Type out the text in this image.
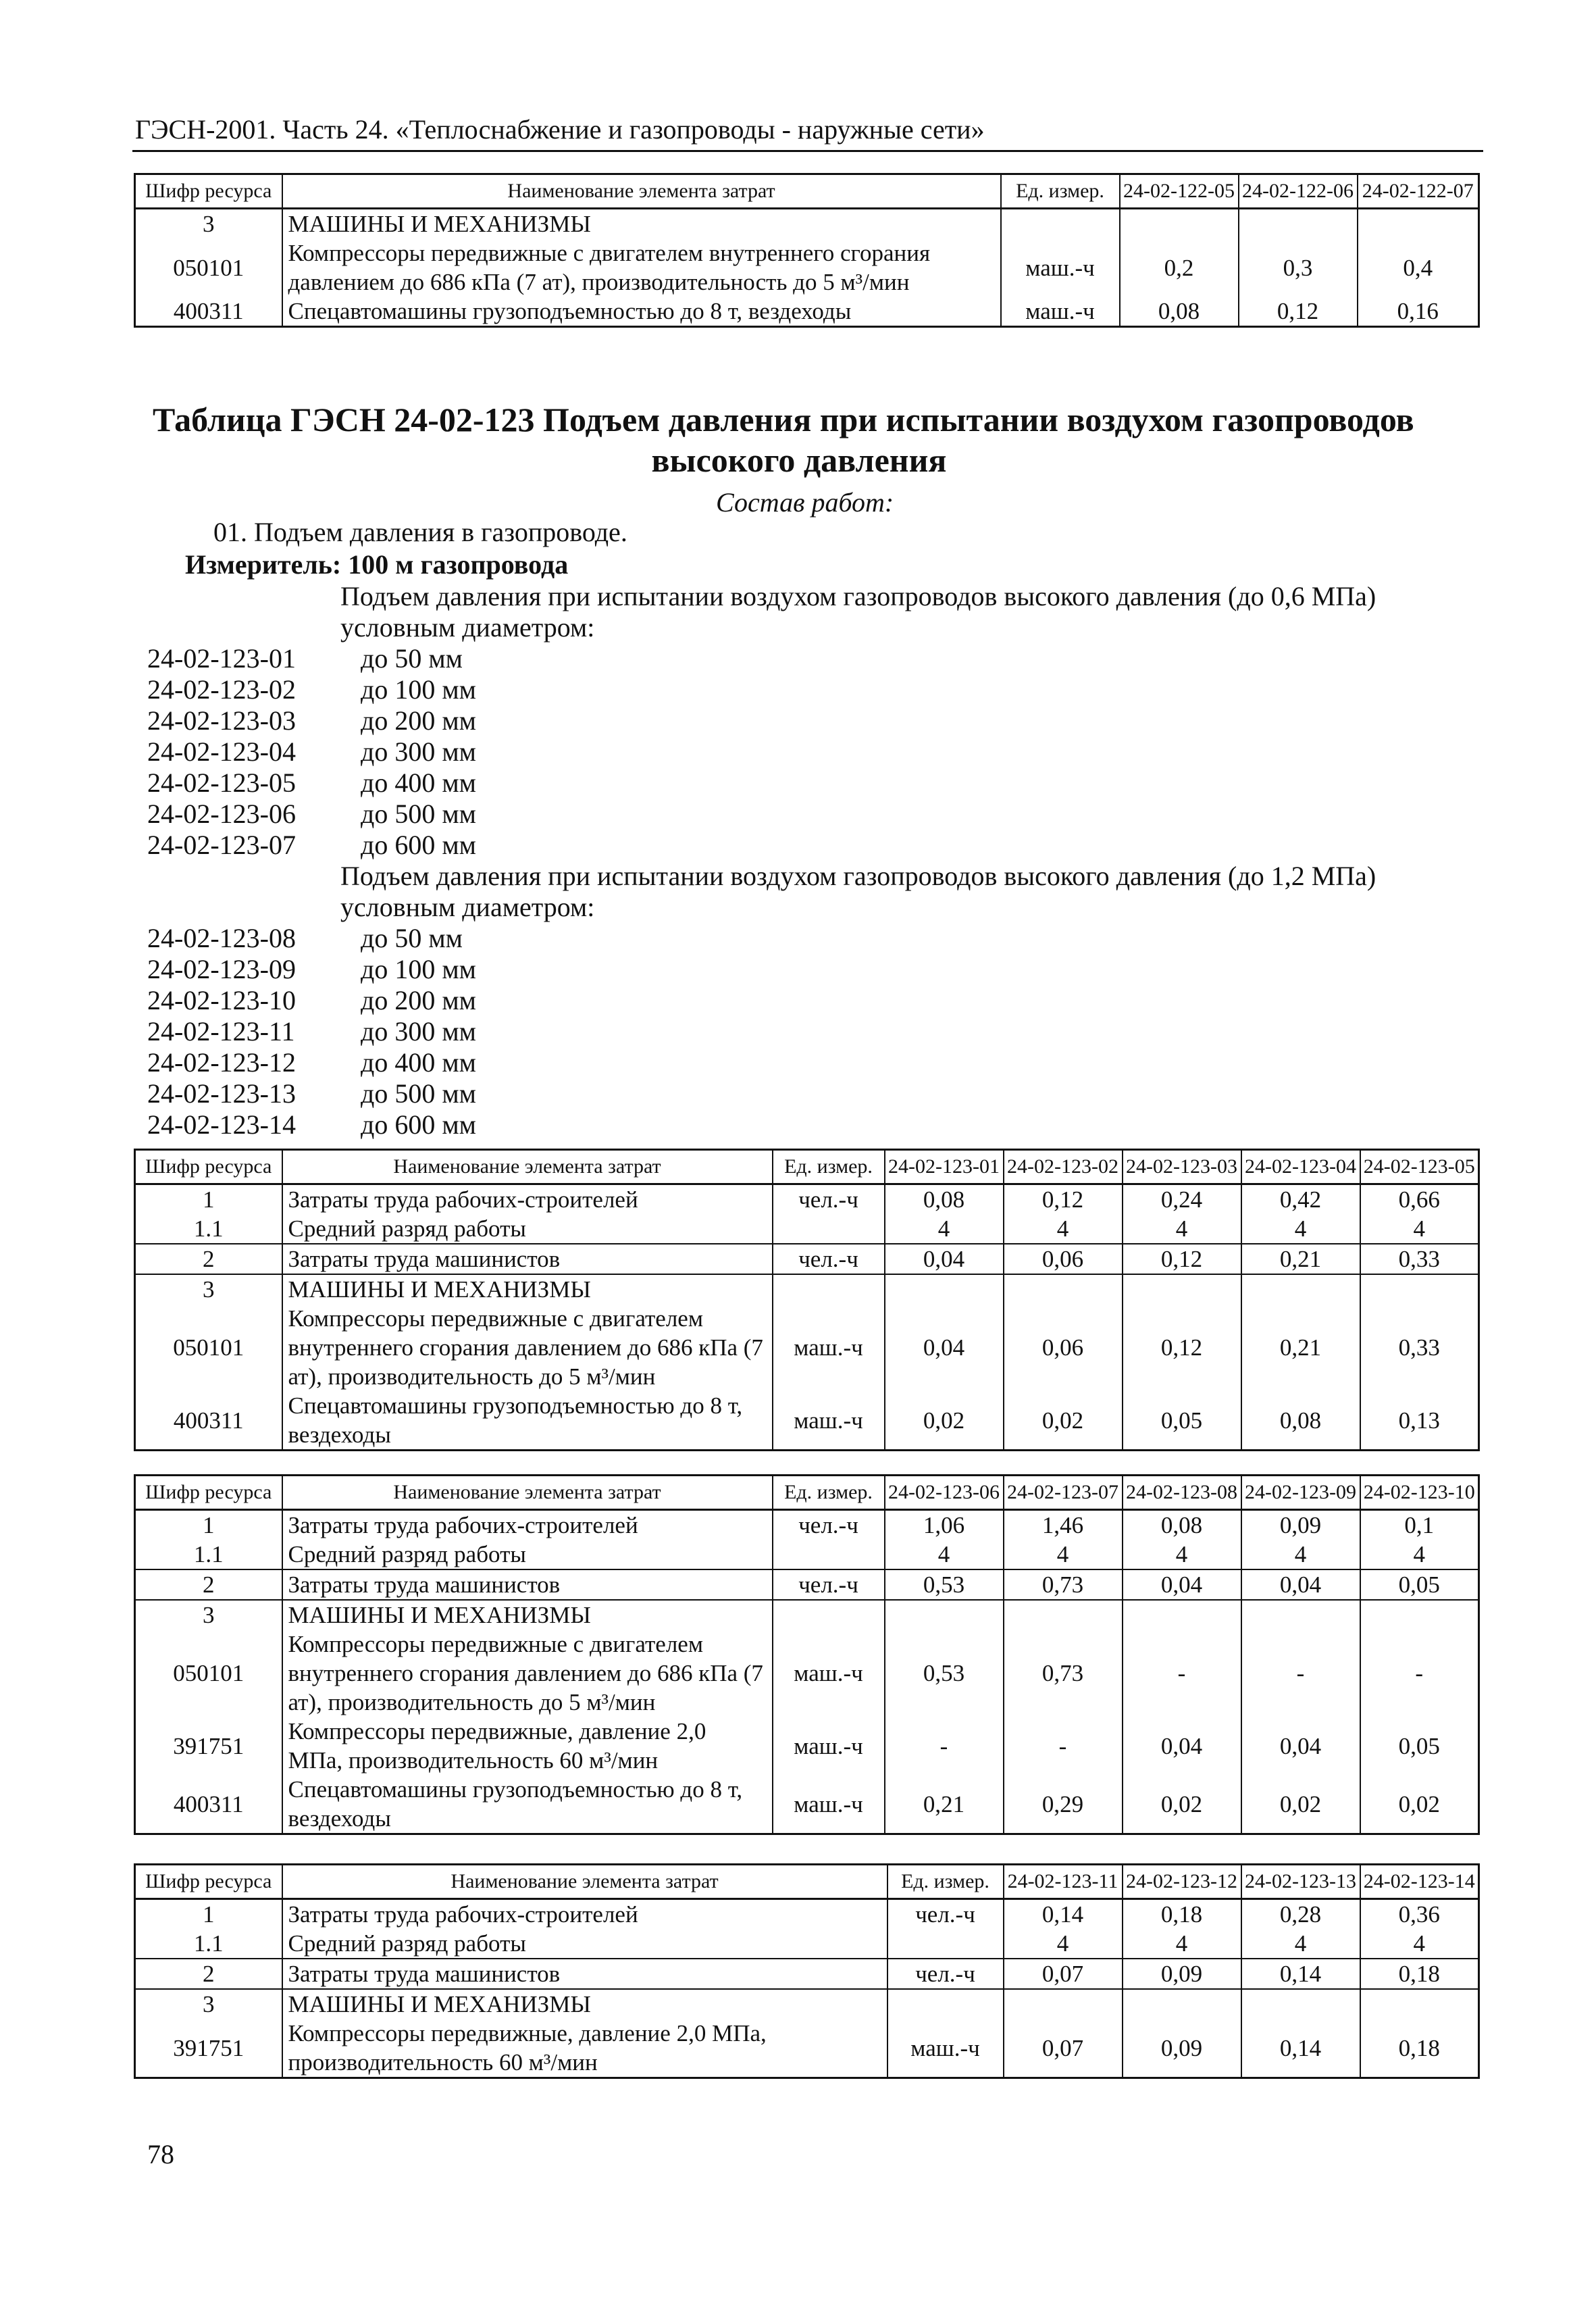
ГЭСН-2001. Часть 24. «Теплоснабжение и газопроводы - наружные сети»
Шифр ресурса	Наименование элемента затрат	Ед. измер.	24-02-122-05	24-02-122-06	24-02-122-07
3	МАШИНЫ И МЕХАНИЗМЫ				
050101	Компрессоры передвижные с двигателем внутреннего сгорания давлением до 686 кПа (7 ат), производительность до 5 м³/мин	маш.-ч	0,2	0,3	0,4
400311	Спецавтомашины грузоподъемностью до 8 т, вездеходы	маш.-ч	0,08	0,12	0,16
Таблица ГЭСН 24-02-123 Подъем давления при испытании воздухом газопроводов
высокого давления
Состав работ:
01. Подъем давления в газопроводе.
Измеритель: 100 м газопровода
Подъем давления при испытании воздухом газопроводов высокого давления (до 0,6 МПа) условным диаметром:
24-02-123-01 до 50 мм
24-02-123-02 до 100 мм
24-02-123-03 до 200 мм
24-02-123-04 до 300 мм
24-02-123-05 до 400 мм
24-02-123-06 до 500 мм
24-02-123-07 до 600 мм
Подъем давления при испытании воздухом газопроводов высокого давления (до 1,2 МПа) условным диаметром:
24-02-123-08 до 50 мм
24-02-123-09 до 100 мм
24-02-123-10 до 200 мм
24-02-123-11 до 300 мм
24-02-123-12 до 400 мм
24-02-123-13 до 500 мм
24-02-123-14 до 600 мм
Шифр ресурса	Наименование элемента затрат	Ед. измер.	24-02-123-01	24-02-123-02	24-02-123-03	24-02-123-04	24-02-123-05
1	Затраты труда рабочих-строителей	чел.-ч	0,08	0,12	0,24	0,42	0,66
1.1	Средний разряд работы		4	4	4	4	4
2	Затраты труда машинистов	чел.-ч	0,04	0,06	0,12	0,21	0,33
3	МАШИНЫ И МЕХАНИЗМЫ						
050101	Компрессоры передвижные с двигателем внутреннего сгорания давлением до 686 кПа (7 ат), производительность до 5 м³/мин	маш.-ч	0,04	0,06	0,12	0,21	0,33
400311	Спецавтомашины грузоподъемностью до 8 т, вездеходы	маш.-ч	0,02	0,02	0,05	0,08	0,13
Шифр ресурса	Наименование элемента затрат	Ед. измер.	24-02-123-06	24-02-123-07	24-02-123-08	24-02-123-09	24-02-123-10
1	Затраты труда рабочих-строителей	чел.-ч	1,06	1,46	0,08	0,09	0,1
1.1	Средний разряд работы		4	4	4	4	4
2	Затраты труда машинистов	чел.-ч	0,53	0,73	0,04	0,04	0,05
3	МАШИНЫ И МЕХАНИЗМЫ						
050101	Компрессоры передвижные с двигателем внутреннего сгорания давлением до 686 кПа (7 ат), производительность до 5 м³/мин	маш.-ч	0,53	0,73	-	-	-
391751	Компрессоры передвижные, давление 2,0 МПа, производительность 60 м³/мин	маш.-ч	-	-	0,04	0,04	0,05
400311	Спецавтомашины грузоподъемностью до 8 т, вездеходы	маш.-ч	0,21	0,29	0,02	0,02	0,02
Шифр ресурса	Наименование элемента затрат	Ед. измер.	24-02-123-11	24-02-123-12	24-02-123-13	24-02-123-14
1	Затраты труда рабочих-строителей	чел.-ч	0,14	0,18	0,28	0,36
1.1	Средний разряд работы		4	4	4	4
2	Затраты труда машинистов	чел.-ч	0,07	0,09	0,14	0,18
3	МАШИНЫ И МЕХАНИЗМЫ					
391751	Компрессоры передвижные, давление 2,0 МПа, производительность 60 м³/мин	маш.-ч	0,07	0,09	0,14	0,18
78
